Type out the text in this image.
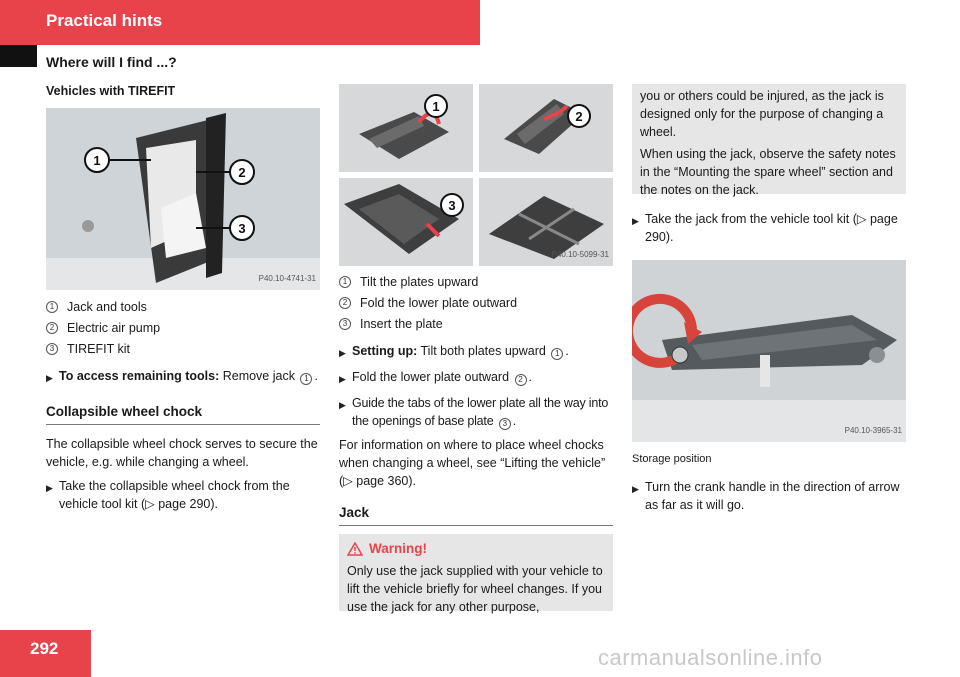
Practical hints
Where will I find ...?
Vehicles with TIREFIT
1
2
3
P40.10-4741-31
1	Jack and tools
2	Electric air pump
3	TIREFIT kit
▶ To access remaining tools: Remove jack 1 .
Collapsible wheel chock
The collapsible wheel chock serves to secure the vehicle, e.g. while changing a wheel.
▶ Take the collapsible wheel chock from the vehicle tool kit (▷ page 290).
1
2
3
P40.10-5099-31
1	Tilt the plates upward
2	Fold the lower plate outward
3	Insert the plate
▶ Setting up: Tilt both plates upward 1 .
▶ Fold the lower plate outward 2 .
▶ Guide the tabs of the lower plate all the way into the openings of base plate 3 .
For information on where to place wheel chocks when changing a wheel, see “Lifting the vehicle” (▷ page 360).
Jack
Warning!
Only use the jack supplied with your vehicle to lift the vehicle briefly for wheel changes. If you use the jack for any other purpose,
you or others could be injured, as the jack is designed only for the purpose of changing a wheel.
When using the jack, observe the safety notes in the “Mounting the spare wheel” section and the notes on the jack.
▶ Take the jack from the vehicle tool kit (▷ page 290).
P40.10-3965-31
Storage position
▶ Turn the crank handle in the direction of arrow as far as it will go.
292	carmanualsonline.info
